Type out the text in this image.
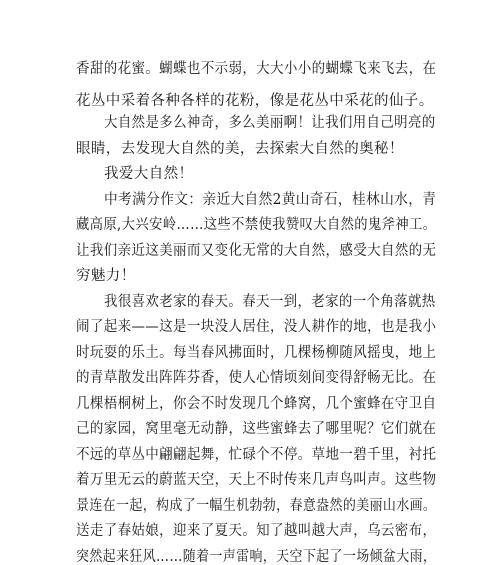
香甜的花蜜。蝴蝶也不示弱，大大小小的蝴蝶飞来飞去，在
花丛中采着各种各样的花粉，像是花丛中采花的仙子。
大自然是多么神奇，多么美丽啊！让我们用自己明亮的
眼睛，去发现大自然的美，去探索大自然的奥秘！
我爱大自然！
中考满分作文：亲近大自然2黄山奇石，桂林山水，青
藏高原,大兴安岭……这些不禁使我赞叹大自然的鬼斧神工。
让我们亲近这美丽而又变化无常的大自然，感受大自然的无
穷魅力！
我很喜欢老家的春天。春天一到，老家的一个角落就热
闹了起来——这是一块没人居住，没人耕作的地，也是我小
时玩耍的乐土。每当春风拂面时，几棵杨柳随风摇曳，地上
的青草散发出阵阵芬香，使人心情顷刻间变得舒畅无比。在
几棵梧桐树上，你会不时发现几个蜂窝，几个蜜蜂在守卫自
己的家园，窝里毫无动静，这些蜜蜂去了哪里呢？它们就在
不远的草丛中翩翩起舞，忙碌个不停。草地一碧千里，衬托
着万里无云的蔚蓝天空，天上不时传来几声鸟叫声。这些物
景连在一起，构成了一幅生机勃勃，春意盎然的美丽山水画。
送走了春姑娘，迎来了夏天。知了越叫越大声，乌云密布，
突然起来狂风……随着一声雷响，天空下起了一场倾盆大雨，
